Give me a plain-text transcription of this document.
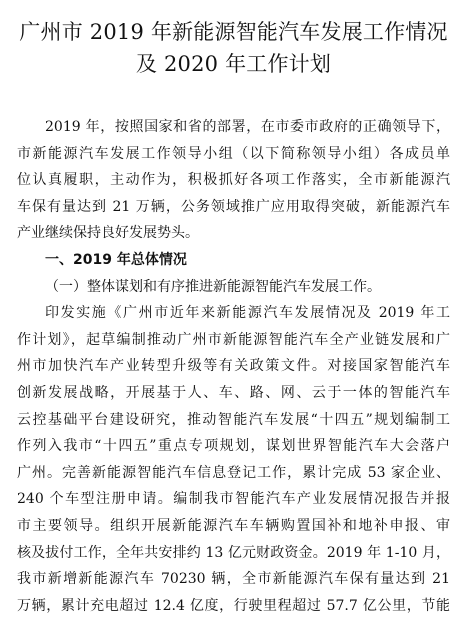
广州市 2019 年新能源智能汽车发展工作情况
及 2020 年工作计划
2019 年，按照国家和省的部署，在市委市政府的正确领导下，
市新能源汽车发展工作领导小组（以下简称领导小组）各成员单
位认真履职，主动作为，积极抓好各项工作落实，全市新能源汽
车保有量达到 21 万辆，公务领域推广应用取得突破，新能源汽车
产业继续保持良好发展势头。
一、2019 年总体情况
（一）整体谋划和有序推进新能源智能汽车发展工作。
印发实施《广州市近年来新能源汽车发展情况及 2019 年工
作计划》，起草编制推动广州市新能源智能汽车全产业链发展和广
州市加快汽车产业转型升级等有关政策文件。对接国家智能汽车
创新发展战略，开展基于人、车、路、网、云于一体的智能汽车
云控基础平台建设研究，推动智能汽车发展“十四五”规划编制工
作列入我市“十四五”重点专项规划，谋划世界智能汽车大会落户
广州。完善新能源智能汽车信息登记工作，累计完成 53 家企业、
240 个车型注册申请。编制我市智能汽车产业发展情况报告并报
市主要领导。组织开展新能源汽车车辆购置国补和地补申报、审
核及拔付工作，全年共安排约 13 亿元财政资金。2019 年 1-10 月，
我市新增新能源汽车 70230 辆，全市新能源汽车保有量达到 21
万辆，累计充电超过 12.4 亿度，行驶里程超过 57.7 亿公里，节能
